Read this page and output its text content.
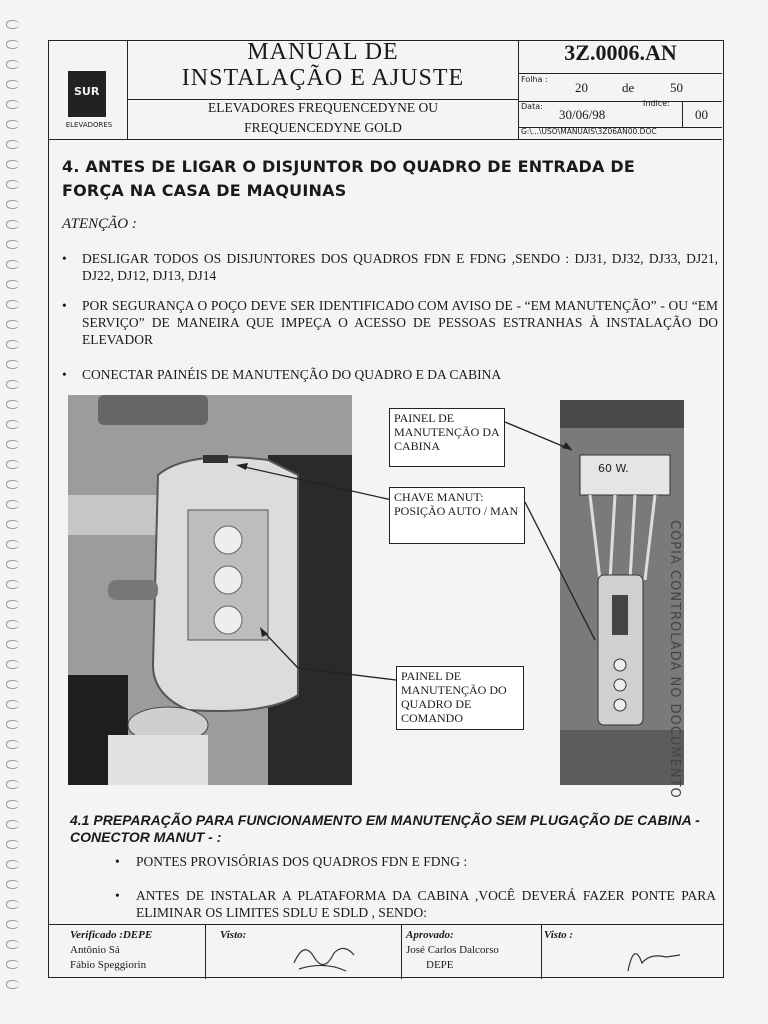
SUR
ELEVADORES
MANUAL DE
INSTALAÇÃO E AJUSTE
ELEVADORES FREQUENCEDYNE OU
FREQUENCEDYNE GOLD
3Z.0006.AN
Folha :
20	de	50
Data:
30/06/98
Indice:
00
G:\...\USO\MANUAIS\3Z06AN00.DOC
4. ANTES DE LIGAR O DISJUNTOR DO QUADRO DE ENTRADA DE FORÇA NA CASA DE MAQUINAS
ATENÇÃO :
• DESLIGAR TODOS OS DISJUNTORES DOS QUADROS FDN E FDNG ,SENDO : DJ31, DJ32, DJ33, DJ21, DJ22, DJ12, DJ13, DJ14
• POR SEGURANÇA O POÇO DEVE SER IDENTIFICADO COM AVISO DE - “EM MANUTENÇÃO” - OU “EM SERVIÇO” DE MANEIRA QUE IMPEÇA O ACESSO DE PESSOAS ESTRANHAS À INSTALAÇÃO DO ELEVADOR
• CONECTAR PAINÉIS DE MANUTENÇÃO DO QUADRO E DA CABINA
60 W.
PAINEL DE MANUTENÇÃO DA CABINA
CHAVE MANUT: POSIÇÃO AUTO / MAN
PAINEL DE MANUTENÇÃO DO QUADRO DE COMANDO
4.1 PREPARAÇÃO PARA FUNCIONAMENTO EM MANUTENÇÃO SEM PLUGAÇÃO DE CABINA - CONECTOR MANUT - :
• PONTES PROVISÓRIAS DOS QUADROS FDN E FDNG :
• ANTES DE INSTALAR A PLATAFORMA DA CABINA ,VOCÊ DEVERÁ FAZER PONTE PARA ELIMINAR OS LIMITES SDLU E SDLD , SENDO:
Verificado :DEPE
Antônio Sá
Fábio Speggiorin
Visto:	Aprovado:
José Carlos Dalcorso
DEPE
Visto :
CÓPIA CONTROLADA NO DOCUMENTO
